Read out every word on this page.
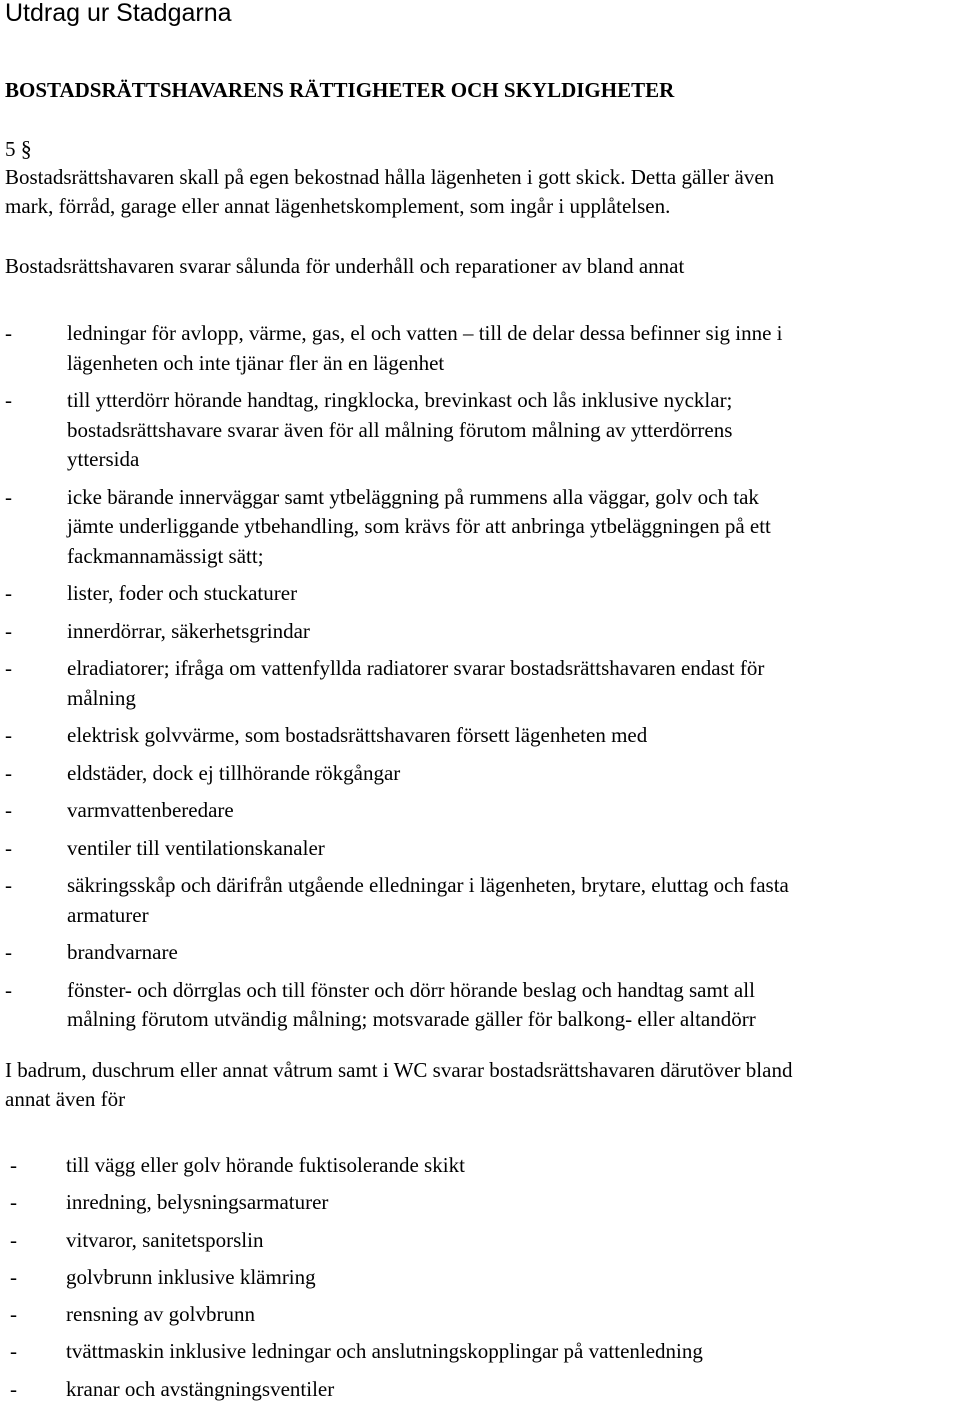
Utdrag ur Stadgarna
BOSTADSRÄTTSHAVARENS RÄTTIGHETER OCH SKYLDIGHETER

5 §

Bostadsrättshavaren skall på egen bekostnad hålla lägenheten i gott skick. Detta gäller även
mark, förråd, garage eller annat lägenhetskomplement, som ingår i upplåtelsen.

Bostadsrättshavaren svarar sålunda för underhåll och reparationer av bland annat

-	ledningar för avlopp, värme, gas, el och vatten – till de delar dessa befinner sig inne i
lägenheten och inte tjänar fler än en lägenhet
-	till ytterdörr hörande handtag, ringklocka, brevinkast och lås inklusive nycklar;
bostadsrättshavare svarar även för all målning förutom målning av ytterdörrens
yttersida
-	icke bärande innerväggar samt ytbeläggning på rummens alla väggar, golv och tak
jämte underliggande ytbehandling, som krävs för att anbringa ytbeläggningen på ett
fackmannamässigt sätt;
-	lister, foder och stuckaturer
-	innerdörrar, säkerhetsgrindar
-	elradiatorer; ifråga om vattenfyllda radiatorer svarar bostadsrättshavaren endast för
målning
-	elektrisk golvvärme, som bostadsrättshavaren försett lägenheten med
-	eldstäder, dock ej tillhörande rökgångar
-	varmvattenberedare
-	ventiler till ventilationskanaler
-	säkringsskåp och därifrån utgående elledningar i lägenheten, brytare, eluttag och fasta
armaturer
-	brandvarnare
-	fönster- och dörrglas och till fönster och dörr hörande beslag och handtag samt all
målning förutom utvändig målning; motsvarade gäller för balkong- eller altandörr

I badrum, duschrum eller annat våtrum samt i WC svarar bostadsrättshavaren därutöver bland
annat även för

- till vägg eller golv hörande fuktisolerande skikt
- inredning, belysningsarmaturer
- vitvaror, sanitetsporslin
- golvbrunn inklusive klämring
- rensning av golvbrunn
- tvättmaskin inklusive ledningar och anslutningskopplingar på vattenledning
- kranar och avstängningsventiler
